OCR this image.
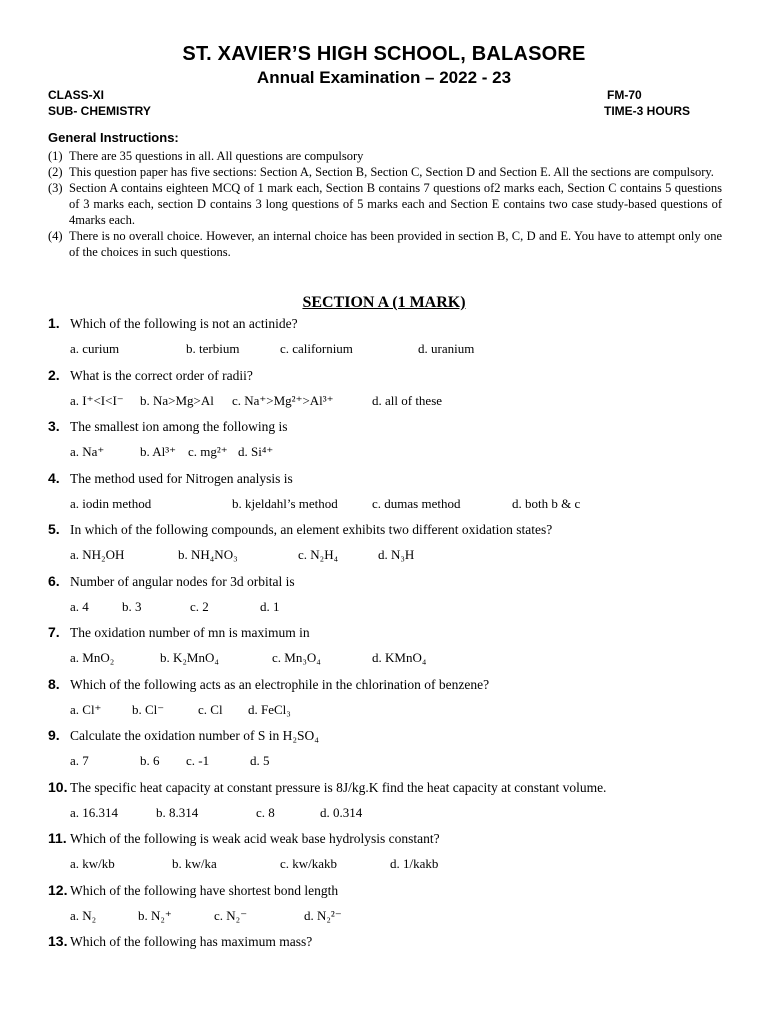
ST. XAVIER’S HIGH SCHOOL, BALASORE
Annual Examination – 2022 - 23
CLASS-XI
SUB- CHEMISTRY
FM-70
TIME-3 HOURS
General Instructions:
(1) There are 35 questions in all. All questions are compulsory
(2) This question paper has five sections: Section A, Section B, Section C, Section D and Section E. All the sections are compulsory.
(3) Section A contains eighteen MCQ of 1 mark each, Section B contains 7 questions of2 marks each, Section C contains 5 questions of 3 marks each, section D contains 3 long questions of 5 marks each and Section E contains two case study-based questions of 4marks each.
(4) There is no overall choice. However, an internal choice has been provided in section B, C, D and E. You have to attempt only one of the choices in such questions.
SECTION A (1 MARK)
1. Which of the following is not an actinide?
a. curium	b. terbium	c. californium	d. uranium
2. What is the correct order of radii?
a. I⁺<I<I⁻ b. Na>Mg>Al c. Na⁺>Mg²⁺>Al³⁺	d. all of these
3. The smallest ion among the following is
a. Na⁺	b. Al³⁺ c. mg²⁺ d. Si⁴⁺
4. The method used for Nitrogen analysis is
a. iodin method	b. kjeldahl’s method	c. dumas method	d. both b & c
5. In which of the following compounds, an element exhibits two different oxidation states?
a. NH₂OH	b. NH₄NO₃	c. N₂H₄	d. N₃H
6. Number of angular nodes for 3d orbital is
a. 4	b. 3	c. 2	d. 1
7. The oxidation number of mn is maximum in
a. MnO₂	b. K₂MnO₄	c. Mn₃O₄	d. KMnO₄
8. Which of the following acts as an electrophile in the chlorination of benzene?
a. Cl⁺ b. Cl⁻	c. Cl d. FeCl₃
9. Calculate the oxidation number of S in H₂SO₄
a. 7	b. 6 c. -1	d. 5
10. The specific heat capacity at constant pressure is 8J/kg.K find the heat capacity at constant volume.
a. 16.314	b. 8.314	c. 8	d. 0.314
11. Which of the following is weak acid weak base hydrolysis constant?
a. kw/kb	b. kw/ka	c. kw/kakb	d. 1/kakb
12. Which of the following have shortest bond length
a. N₂	b. N₂⁺	c. N₂⁻	d. N₂²⁻
13. Which of the following has maximum mass?
